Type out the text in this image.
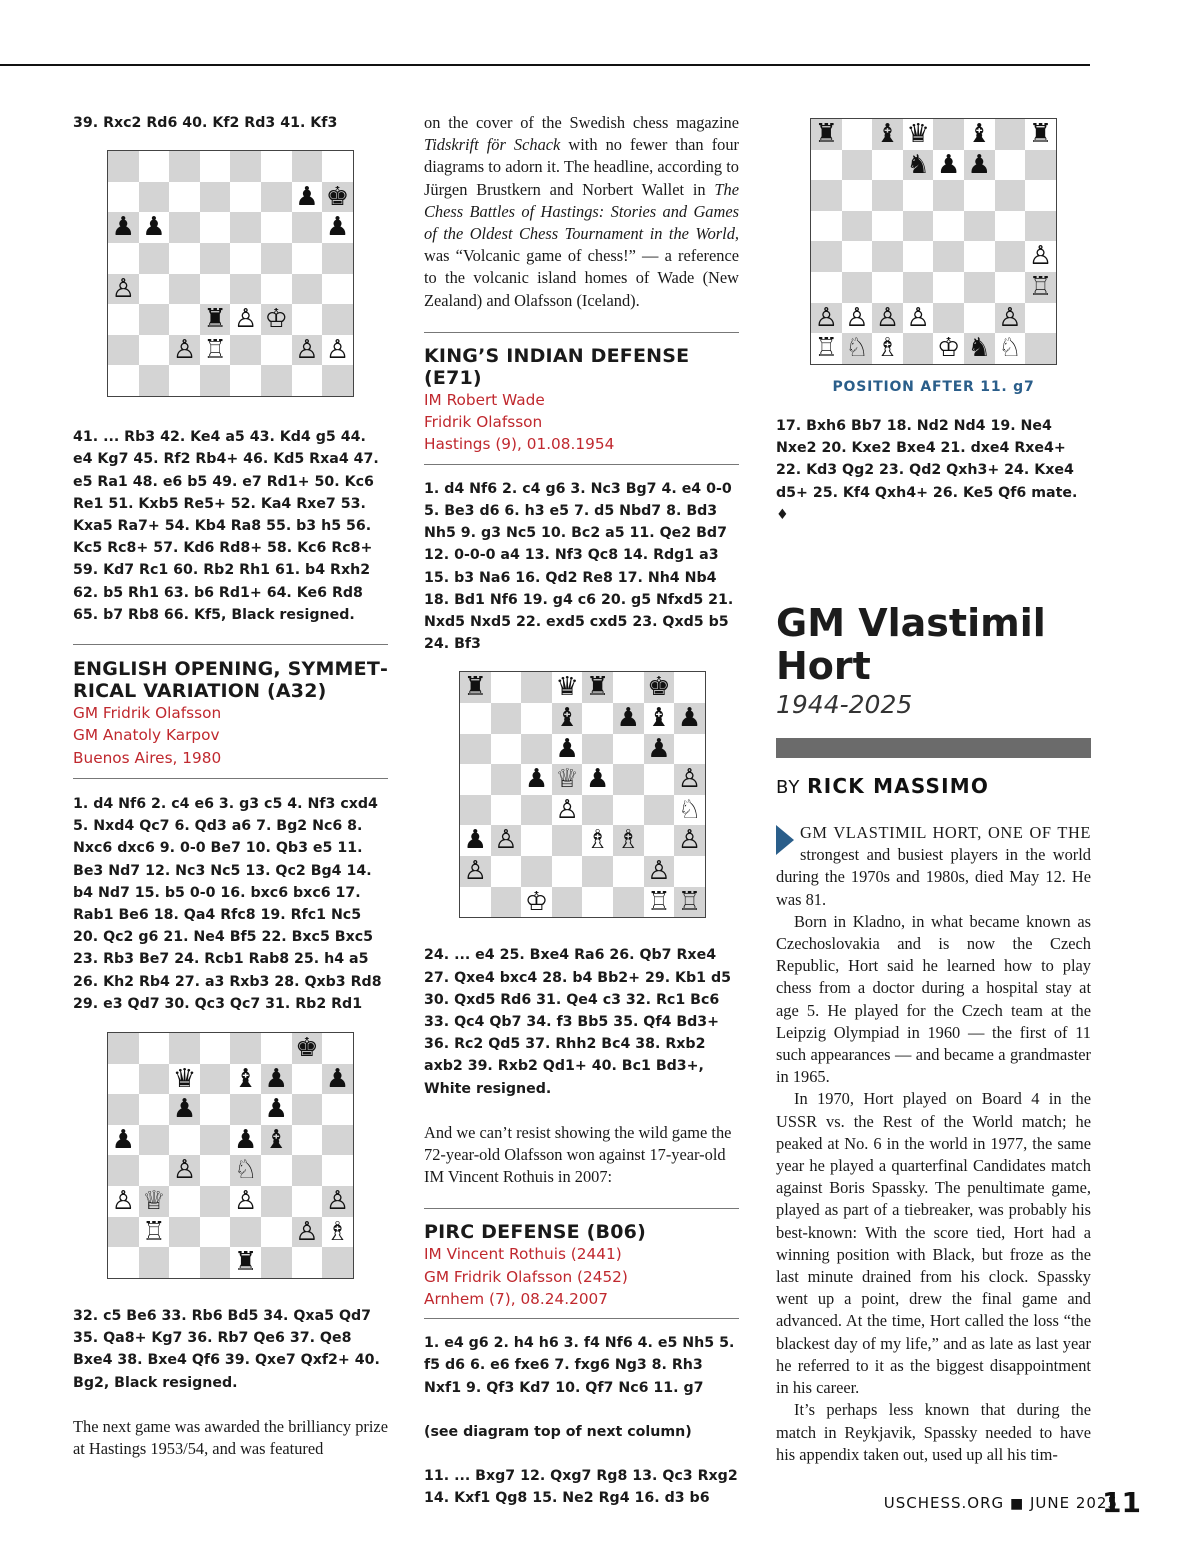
39. Rxc2 Rd6 40. Kf2 Rd3 41. Kf3

♟ ♚
♟ ♟	♟
♙
♜ ♙ ♔
♙ ♖	♙ ♙

41. ... Rb3 42. Ke4 a5 43. Kd4 g5 44. e4 Kg7 45. Rf2 Rb4+ 46. Kd5 Rxa4 47. e5 Ra1 48. e6 b5 49. e7 Rd1+ 50. Kc6 Re1 51. Kxb5 Re5+ 52. Ka4 Rxe7 53. Kxa5 Ra7+ 54. Kb4 Ra8 55. b3 h5 56. Kc5 Rc8+ 57. Kd6 Rd8+ 58. Kc6 Rc8+ 59. Kd7 Rc1 60. Rb2 Rh1 61. b4 Rxh2 62. b5 Rh1 63. b6 Rd1+ 64. Ke6 Rd8 65. b7 Rb8 66. Kf5, Black resigned.

ENGLISH OPENING, SYMMETRICAL VARIATION (A32)

GM Fridrik Olafsson

GM Anatoly Karpov

Buenos Aires, 1980

1. d4 Nf6 2. c4 e6 3. g3 c5 4. Nf3 cxd4 5. Nxd4 Qc7 6. Qd3 a6 7. Bg2 Nc6 8. Nxc6 dxc6 9. 0-0 Be7 10. Qb3 e5 11. Be3 Nd7 12. Nc3 Nc5 13. Qc2 Bg4 14. b4 Nd7 15. b5 0-0 16. bxc6 bxc6 17. Rab1 Be6 18. Qa4 Rfc8 19. Rfc1 Nc5 20. Qc2 g6 21. Ne4 Bf5 22. Bxc5 Bxc5 23. Rb3 Be7 24. Rcb1 Rab8 25. h4 a5 26. Kh2 Rb4 27. a3 Rxb3 28. Qxb3 Rd8 29. e3 Qd7 30. Qc3 Qc7 31. Rb2 Rd1

♚
♛ ♝ ♟ ♟
♟	♟
♟	♟ ♝
♙ ♘
♙ ♕	♙	♙
♖	♙ ♗
♜

32. c5 Be6 33. Rb6 Bd5 34. Qxa5 Qd7 35. Qa8+ Kg7 36. Rb7 Qe6 37. Qe8 Bxe4 38. Bxe4 Qf6 39. Qxe7 Qxf2+ 40. Bg2, Black resigned.

The next game was awarded the brilliancy prize at Hastings 1953/54, and was featured

on the cover of the Swedish chess magazine Tidskrift för Schack with no fewer than four diagrams to adorn it. The headline, according to Jürgen Brustkern and Norbert Wallet in The Chess Battles of Hastings: Stories and Games of the Oldest Chess Tournament in the World, was “Volcanic game of chess!” — a reference to the volcanic island homes of Wade (New Zealand) and Olafsson (Iceland).

KING’S INDIAN DEFENSE (E71)

IM Robert Wade

Fridrik Olafsson

Hastings (9), 01.08.1954

1. d4 Nf6 2. c4 g6 3. Nc3 Bg7 4. e4 0-0 5. Be3 d6 6. h3 e5 7. d5 Nbd7 8. Bd3 Nh5 9. g3 Nc5 10. Bc2 a5 11. Qe2 Bd7 12. 0-0-0 a4 13. Nf3 Qc8 14. Rdg1 a3 15. b3 Na6 16. Qd2 Re8 17. Nh4 Nb4 18. Bd1 Nf6 19. g4 c6 20. g5 Nfxd5 21. Nxd5 Nxd5 22. exd5 cxd5 23. Qxd5 b5 24. Bf3

♜	♛ ♜ ♚
♝ ♟ ♝ ♟
♟	♟
♟ ♕ ♟	♙
♙	♘
♟ ♙	♗ ♗ ♙
♙	♙
♔	♖ ♖

24. ... e4 25. Bxe4 Ra6 26. Qb7 Rxe4 27. Qxe4 bxc4 28. b4 Bb2+ 29. Kb1 d5 30. Qxd5 Rd6 31. Qe4 c3 32. Rc1 Bc6 33. Qc4 Qb7 34. f3 Bb5 35. Qf4 Bd3+ 36. Rc2 Qd5 37. Rhh2 Bc4 38. Rxb2 axb2 39. Rxb2 Qd1+ 40. Bc1 Bd3+, White resigned.

And we can’t resist showing the wild game the 72-year-old Olafsson won against 17-year-old IM Vincent Rothuis in 2007:

PIRC DEFENSE (B06)

IM Vincent Rothuis (2441)

GM Fridrik Olafsson (2452)

Arnhem (7), 08.24.2007

1. e4 g6 2. h4 h6 3. f4 Nf6 4. e5 Nh5 5. f5 d6 6. e6 fxe6 7. fxg6 Ng3 8. Rh3 Nxf1 9. Qf3 Kd7 10. Qf7 Nc6 11. g7

(see diagram top of next column)

11. ... Bxg7 12. Qxg7 Rg8 13. Qc3 Rxg2 14. Kxf1 Qg8 15. Ne2 Rg4 16. d3 b6

♜ ♝ ♛ ♝ ♜
♞ ♟ ♟
♙
♖
♙ ♙ ♙ ♙	♙
♖ ♘ ♗ ♔ ♞ ♘
POSITION AFTER 11. g7

17. Bxh6 Bb7 18. Nd2 Nd4 19. Ne4 Nxe2 20. Kxe2 Bxe4 21. dxe4 Rxe4+ 22. Kd3 Qg2 23. Qd2 Qxh3+ 24. Kxe4 d5+ 25. Kf4 Qxh4+ 26. Ke5 Qf6 mate. ♦

GM Vlastimil Hort

1944-2025

BY RICK MASSIMO

GM VLASTIMIL HORT, ONE OF THE strongest and busiest players in the world during the 1970s and 1980s, died May 12. He was 81.

Born in Kladno, in what became known as Czechoslovakia and is now the Czech Republic, Hort said he learned how to play chess from a doctor during a hospital stay at age 5. He played for the Czech team at the Leipzig Olympiad in 1960 — the first of 11 such appearances — and became a grandmaster in 1965.

In 1970, Hort played on Board 4 in the USSR vs. the Rest of the World match; he peaked at No. 6 in the world in 1977, the same year he played a quarterfinal Candidates match against Boris Spassky. The penultimate game, played as part of a tiebreaker, was probably his best-known: With the score tied, Hort had a winning position with Black, but froze as the last minute drained from his clock. Spassky went up a point, drew the final game and advanced. At the time, Hort called the loss “the blackest day of my life,” and as late as last year he referred to it as the biggest disappointment in his career.

It’s perhaps less known that during the match in Reykjavik, Spassky needed to have his appendix taken out, used up all his tim-

USCHESS.ORG ■ JUNE 2025
11
